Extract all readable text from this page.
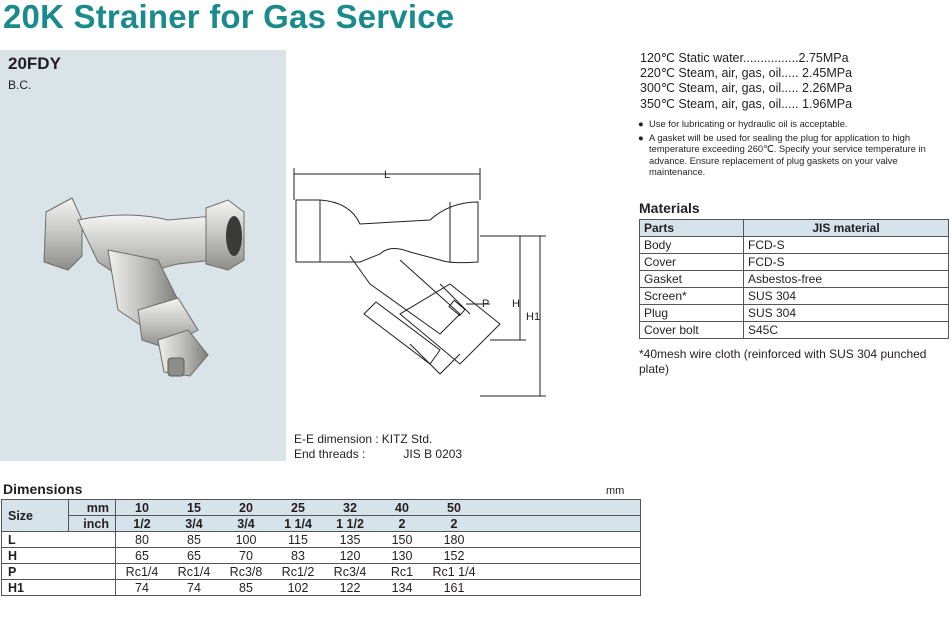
20K Strainer for Gas Service
20FDY
B.C.
L
H
H1
P
E-E dimension : KITZ Std.
End threads :	JIS B 0203
120℃ Static water................2.75MPa
220℃ Steam, air, gas, oil..... 2.45MPa
300℃ Steam, air, gas, oil..... 2.26MPa
350℃ Steam, air, gas, oil..... 1.96MPa
● Use for lubricating or hydraulic oil is acceptable.
● A gasket will be used for sealing the plug for application to high temperature exceeding 260℃. Specify your service temperature in advance. Ensure replacement of plug gaskets on your valve maintenance.
Materials
Parts	JIS material
Body	FCD-S
Cover	FCD-S
Gasket	Asbestos-free
Screen*	SUS 304
Plug	SUS 304
Cover bolt	S45C
*40mesh wire cloth (reinforced with SUS 304 punched plate)
Dimensions	mm
Size	mm	10	15	20	25	32	40	50	
	inch	1/2	3/4	3/4	1 1/4	1 1/2	2	2	
L		80	85	100	115	135	150	180	
H		65	65	70	83	120	130	152	
P		Rc1/4	Rc1/4	Rc3/8	Rc1/2	Rc3/4	Rc1	Rc1 1/4	
H1		74	74	85	102	122	134	161	
